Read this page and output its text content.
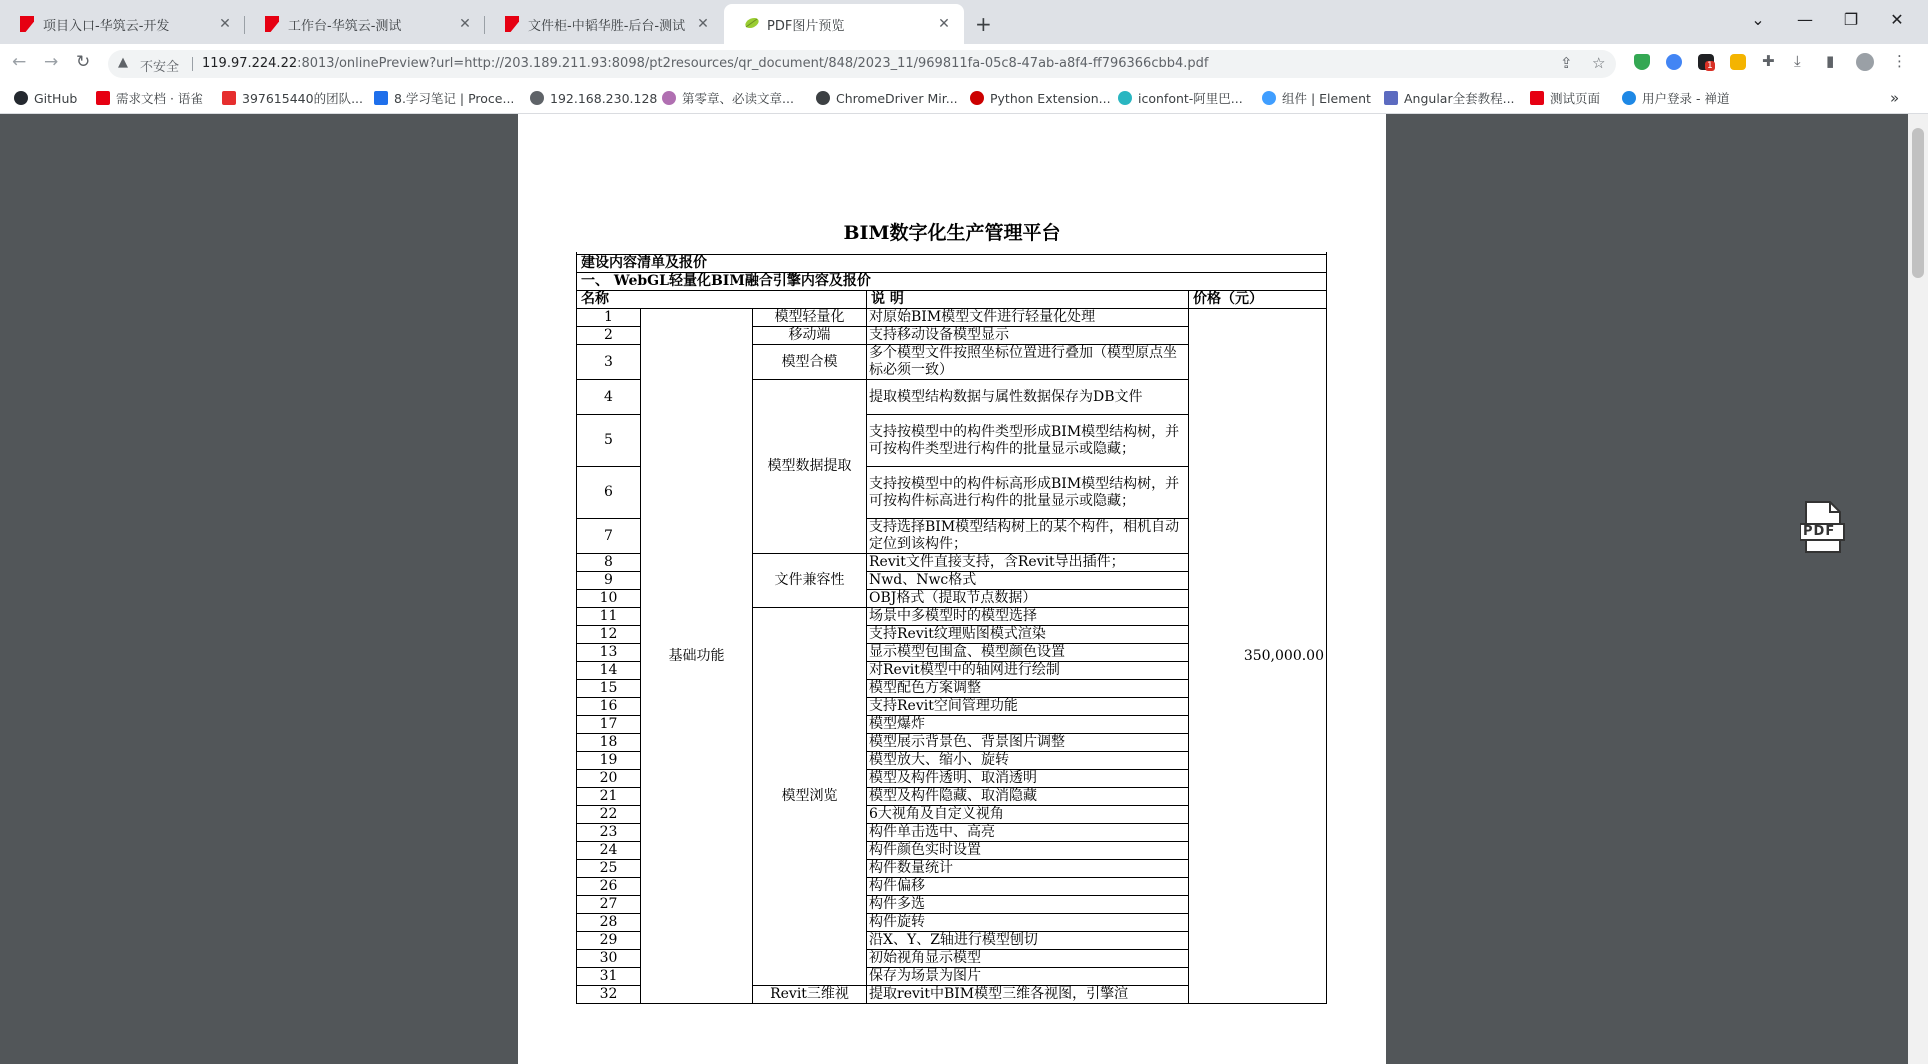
项目入口-华筑云-开发	✕	工作台-华筑云-测试	✕	文件柜-中韬华胜-后台-测试 ✕	PDF图片预览	✕ +	⌄	—	❐	✕
← → ↻ ▲ 不安全 119.97.224.22:8013/onlinePreview?url=http://203.189.211.93:8098/pt2resources/qr_document/848/2023_11/969811fa-05c8-47ab-a8f4-ff796366cbb4.pdf	⇪ ☆	1	✚ ⤓ ▮	⋮
GitHub	需求文档 · 语雀	397615440的团队... 8.学习笔记 | Proce...	192.168.230.128 第零章、必读文章...	ChromeDriver Mir...	Python Extension... iconfont-阿里巴...	组件 | Element	Angular全套教程...	测试页面	用户登录 - 禅道	»
BIM数字化生产管理平台

建设内容清单及报价				
一、 WebGL轻量化BIM融合引擎内容及报价				
名称			说 明	价格（元）
1	基础功能	模型轻量化	对原始BIM模型文件进行轻量化处理	350,000.00
2		移动端	支持移动设备模型显示	
3		模型合模	多个模型文件按照坐标位置进行叠加（模型原点坐标必须一致）	
4		模型数据提取	提取模型结构数据与属性数据保存为DB文件	
5			支持按模型中的构件类型形成BIM模型结构树，并可按构件类型进行构件的批量显示或隐藏；	
6			支持按模型中的构件标高形成BIM模型结构树，并可按构件标高进行构件的批量显示或隐藏；	
7			支持选择BIM模型结构树上的某个构件，相机自动定位到该构件；	
8		文件兼容性	Revit文件直接支持，含Revit导出插件；	
9			Nwd、Nwc格式	
10			OBJ格式（提取节点数据）	
11		模型浏览	场景中多模型时的模型选择	
12			支持Revit纹理贴图模式渲染	
13			显示模型包围盒、模型颜色设置	
14			对Revit模型中的轴网进行绘制	
15			模型配色方案调整	
16			支持Revit空间管理功能	
17			模型爆炸	
18			模型展示背景色、背景图片调整	
19			模型放大、缩小、旋转	
20			模型及构件透明、取消透明	
21			模型及构件隐藏、取消隐藏	
22			6大视角及自定义视角	
23			构件单击选中、高亮	
24			构件颜色实时设置	
25			构件数量统计	
26			构件偏移	
27			构件多选	
28			构件旋转	
29			沿X、Y、Z轴进行模型刨切	
30			初始视角显示模型	
31			保存为场景为图片	
32		Revit三维视	提取revit中BIM模型三维各视图，引擎渲	
PDF
